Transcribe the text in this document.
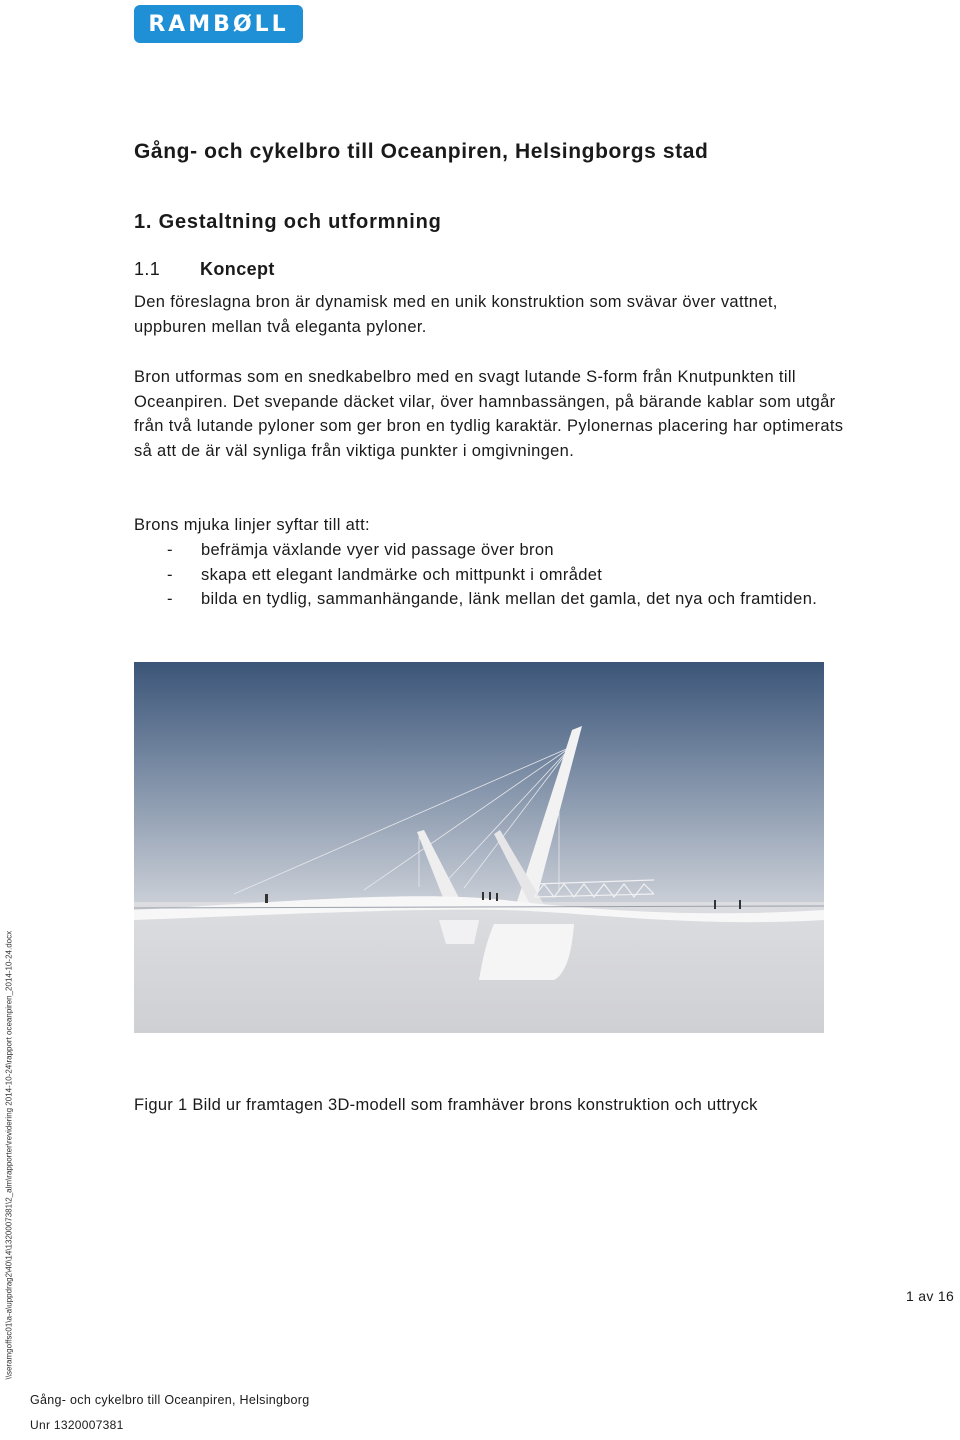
RAMBØLL
Gång- och cykelbro till Oceanpiren, Helsingborgs stad
1. Gestaltning och utformning
1.1 Koncept

Den föreslagna bron är dynamisk med en unik konstruktion som svävar över vattnet, uppburen mellan två eleganta pyloner.

Bron utformas som en snedkabelbro med en svagt lutande S-form från Knutpunkten till Oceanpiren. Det svepande däcket vilar, över hamnbassängen, på bärande kablar som utgår från två lutande pyloner som ger bron en tydlig karaktär. Pylonernas placering har optimerats så att de är väl synliga från viktiga punkter i omgivningen.

Brons mjuka linjer syftar till att:

- befrämja växlande vyer vid passage över bron
- skapa ett elegant landmärke och mittpunkt i området
- bilda en tydlig, sammanhängande, länk mellan det gamla, det nya och framtiden.

Figur 1 Bild ur framtagen 3D-modell som framhäver brons konstruktion och uttryck

1 av 16
Gång- och cykelbro till Oceanpiren, Helsingborg
Unr 1320007381
\\seramgoffsc01\a-a\uppdrag2\40\14\1320007381\2_alm\rapporter\revidering 2014-10-24\rapport oceanpiren_2014-10-24.docx
